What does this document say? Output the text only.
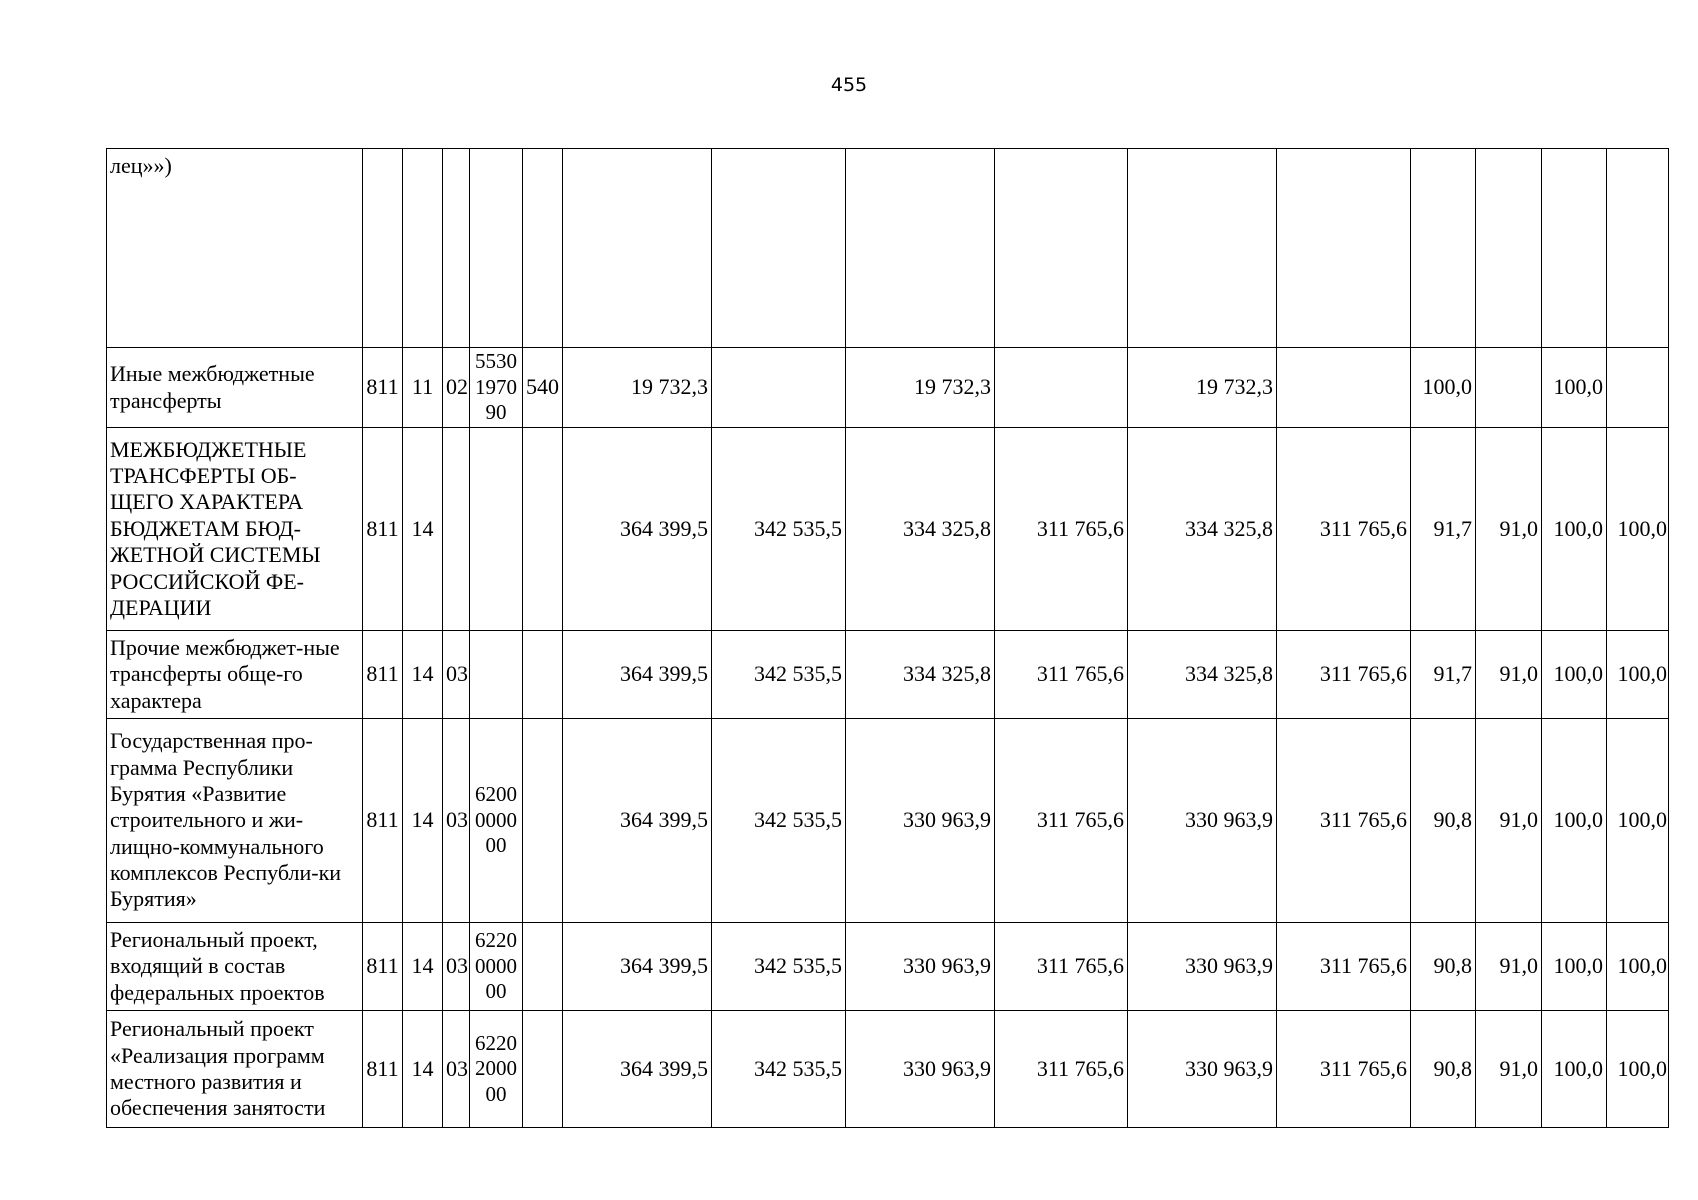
455
лец»»)															
Иные межбюджетные трансферты	811	11	02	5530
1970
90	540	19 732,3		19 732,3		19 732,3		100,0		100,0	
МЕЖБЮДЖЕТНЫЕ ТРАНСФЕРТЫ ОБ-ЩЕГО ХАРАКТЕРА БЮДЖЕТАМ БЮД-ЖЕТНОЙ СИСТЕМЫ РОССИЙСКОЙ ФЕ-ДЕРАЦИИ	811	14				364 399,5	342 535,5	334 325,8	311 765,6	334 325,8	311 765,6	91,7	91,0	100,0	100,0
Прочие межбюджет-ные трансферты обще-го характера	811	14	03			364 399,5	342 535,5	334 325,8	311 765,6	334 325,8	311 765,6	91,7	91,0	100,0	100,0
Государственная про-грамма Республики Бурятия «Развитие строительного и жи-лищно-коммунального комплексов Республи-ки Бурятия»	811	14	03	6200
0000
00		364 399,5	342 535,5	330 963,9	311 765,6	330 963,9	311 765,6	90,8	91,0	100,0	100,0
Региональный проект, входящий в состав федеральных проектов	811	14	03	6220
0000
00		364 399,5	342 535,5	330 963,9	311 765,6	330 963,9	311 765,6	90,8	91,0	100,0	100,0
Региональный проект «Реализация программ местного развития и обеспечения занятости	811	14	03	6220
2000
00		364 399,5	342 535,5	330 963,9	311 765,6	330 963,9	311 765,6	90,8	91,0	100,0	100,0
